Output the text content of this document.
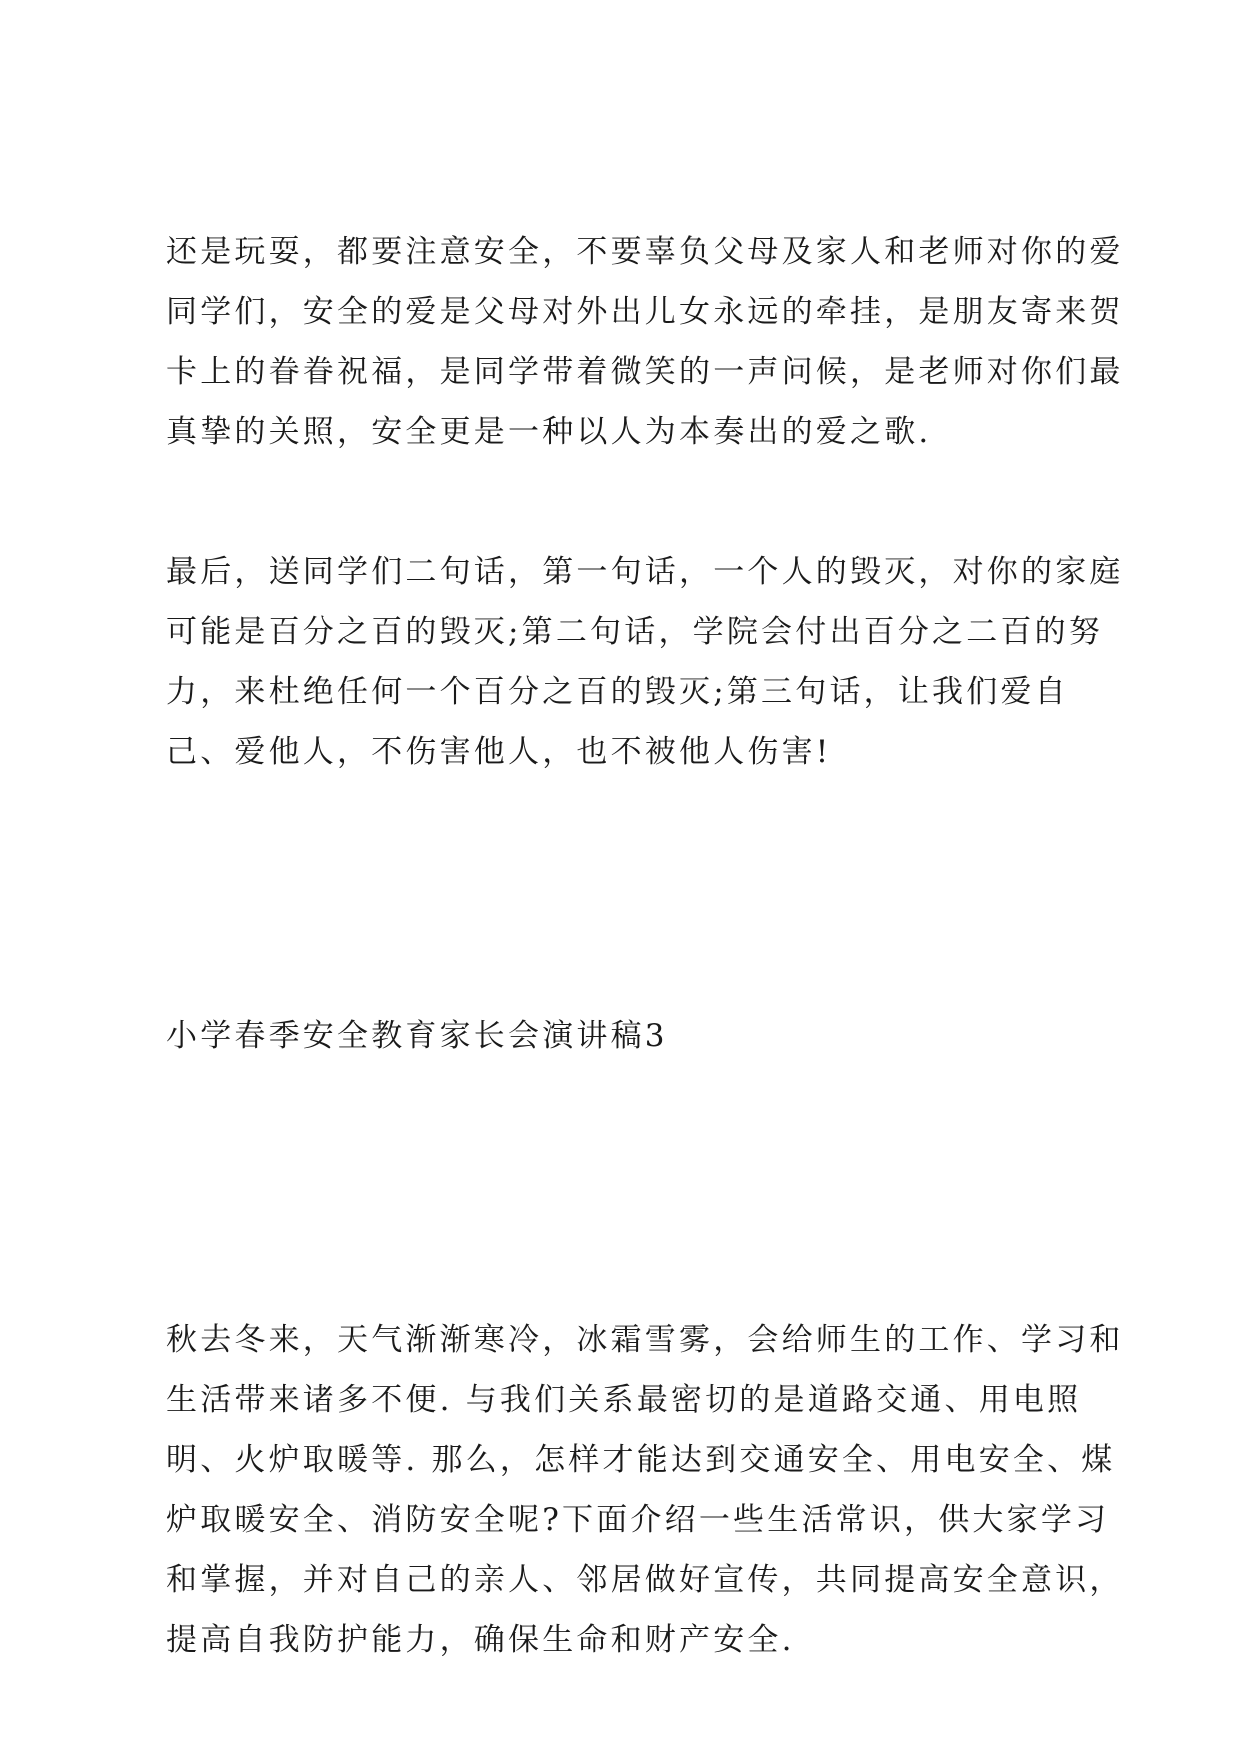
还是玩耍，都要注意安全，不要辜负父母及家人和老师对你的爱
同学们，安全的爱是父母对外出儿女永远的牵挂，是朋友寄来贺
卡上的眷眷祝福，是同学带着微笑的一声问候，是老师对你们最
真挚的关照，安全更是一种以人为本奏出的爱之歌.
最后，送同学们二句话，第一句话，一个人的毁灭，对你的家庭
可能是百分之百的毁灭;第二句话，学院会付出百分之二百的努
力，来杜绝任何一个百分之百的毁灭;第三句话，让我们爱自
己、爱他人，不伤害他人，也不被他人伤害!
小学春季安全教育家长会演讲稿3
秋去冬来，天气渐渐寒冷，冰霜雪雾，会给师生的工作、学习和
生活带来诸多不便. 与我们关系最密切的是道路交通、用电照
明、火炉取暖等. 那么，怎样才能达到交通安全、用电安全、煤
炉取暖安全、消防安全呢?下面介绍一些生活常识，供大家学习
和掌握，并对自己的亲人、邻居做好宣传，共同提高安全意识，
提高自我防护能力，确保生命和财产安全.
